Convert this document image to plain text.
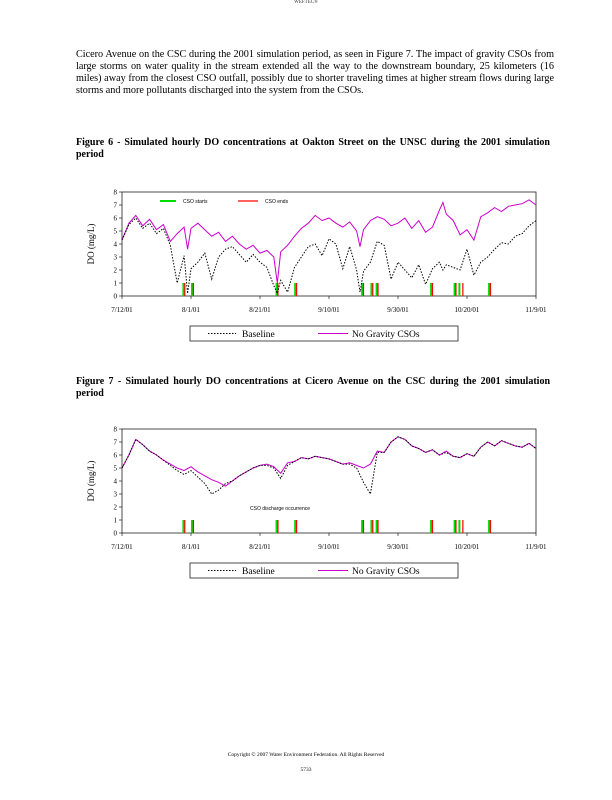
WEFTEC®
Cicero Avenue on the CSC during the 2001 simulation period, as seen in Figure 7. The impact of gravity CSOs from large storms on water quality in the stream extended all the way to the downstream boundary, 25 kilometers (16 miles) away from the closest CSO outfall, possibly due to shorter traveling times at higher stream flows during large storms and more pollutants discharged into the system from the CSOs.
Figure 6 - Simulated hourly DO concentrations at Oakton Street on the UNSC during the 2001 simulation period
0
1
2
3
4
5
6
7
8
DO (mg/L)
7/12/01	8/1/01	8/21/01	9/10/01	9/30/01	10/20/01	11/9/01
CSO starts	CSO ends
Baseline	No Gravity CSOs
Figure 7 - Simulated hourly DO concentrations at Cicero Avenue on the CSC during the 2001 simulation period
0
1
2
3
4
5
6
7
8
DO (mg/L)
7/12/01	8/1/01	8/21/01	9/10/01	9/30/01	10/20/01	11/9/01
CSO discharge occurrence
Baseline	No Gravity CSOs
Copyright © 2007 Water Environment Federation. All Rights Reserved
5733
